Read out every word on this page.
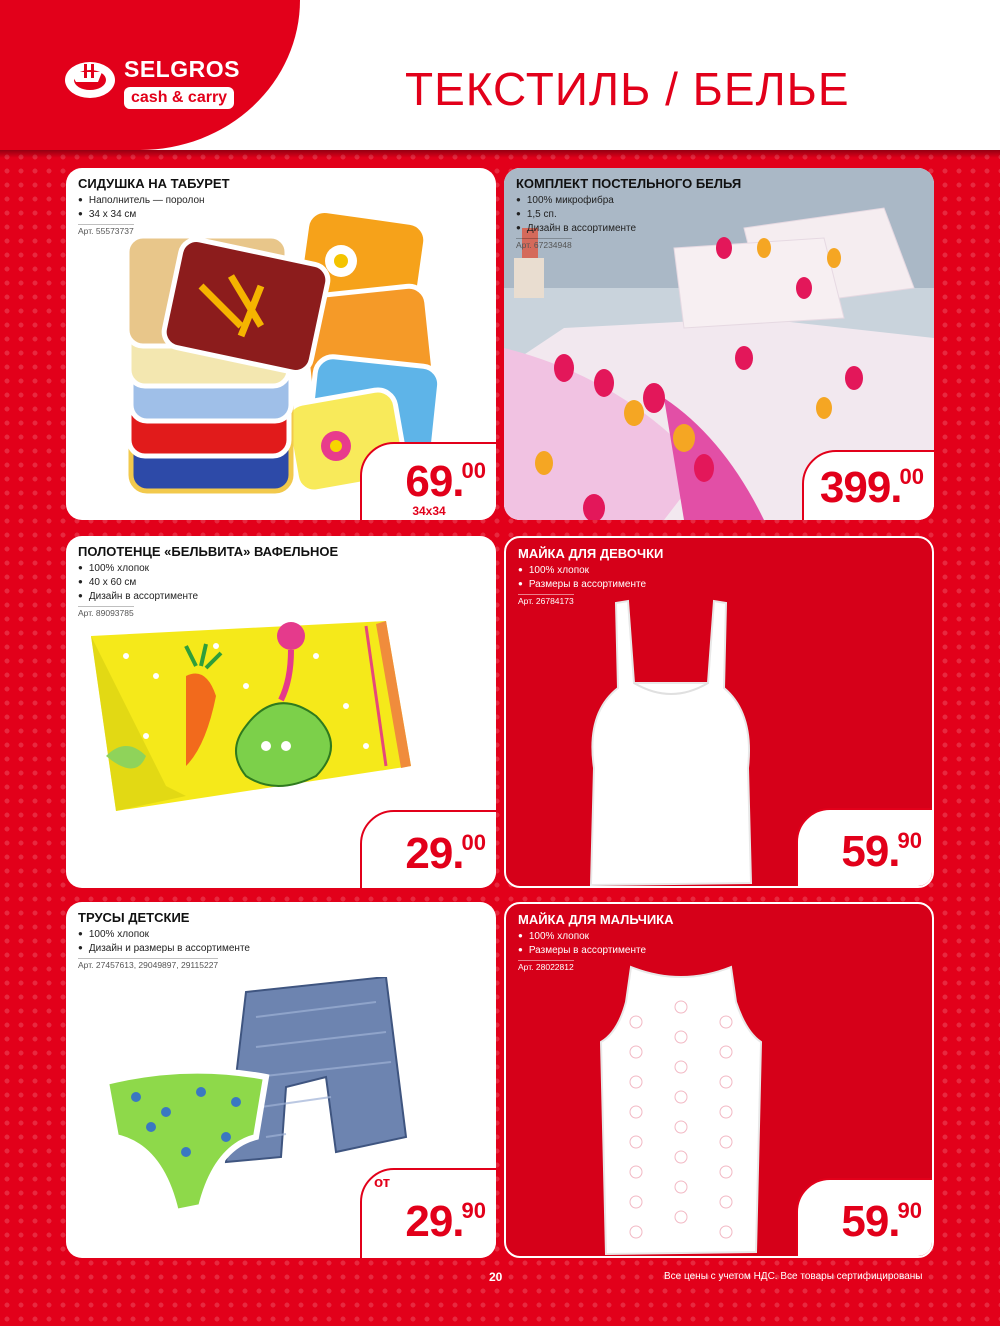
SELGROS
cash & carry	ТЕКСТИЛЬ / БЕЛЬЕ
СИДУШКА НА ТАБУРЕТ
● Наполнитель — поролон
● 34 x 34 см
Арт. 55573737
69.00
34x34
КОМПЛЕКТ ПОСТЕЛЬНОГО БЕЛЬЯ
● 100% микрофибра
● 1,5 сп.
● Дизайн в ассортименте
Арт. 67234948
399.00
ПОЛОТЕНЦЕ «БЕЛЬВИТА» ВАФЕЛЬНОЕ
● 100% хлопок
● 40 x 60 см
● Дизайн в ассортименте
Арт. 89093785
29.00
МАЙКА ДЛЯ ДЕВОЧКИ
● 100% хлопок
● Размеры в ассортименте
Арт. 26784173
59.90
ТРУСЫ ДЕТСКИЕ
● 100% хлопок
● Дизайн и размеры в ассортименте
Арт. 27457613, 29049897, 29115227
от
29.90
МАЙКА ДЛЯ МАЛЬЧИКА
● 100% хлопок
● Размеры в ассортименте
Арт. 28022812
59.90
20	Все цены с учетом НДС. Все товары сертифицированы
